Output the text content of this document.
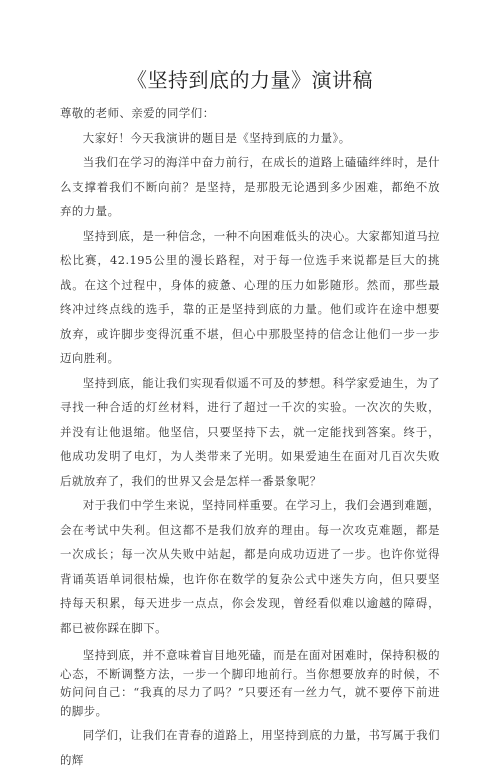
《坚持到底的力量》演讲稿

尊敬的老师、亲爱的同学们：

大家好！今天我演讲的题目是《坚持到底的力量》。

当我们在学习的海洋中奋力前行，在成长的道路上磕磕绊绊时，是什么支撑着我们不断向前？是坚持，是那股无论遇到多少困难，都绝不放弃的力量。

坚持到底，是一种信念，一种不向困难低头的决心。大家都知道马拉松比赛，42.195公里的漫长路程，对于每一位选手来说都是巨大的挑战。在这个过程中，身体的疲惫、心理的压力如影随形。然而，那些最终冲过终点线的选手，靠的正是坚持到底的力量。他们或许在途中想要放弃，或许脚步变得沉重不堪，但心中那股坚持的信念让他们一步一步迈向胜利。

坚持到底，能让我们实现看似遥不可及的梦想。科学家爱迪生，为了寻找一种合适的灯丝材料，进行了超过一千次的实验。一次次的失败，并没有让他退缩。他坚信，只要坚持下去，就一定能找到答案。终于，他成功发明了电灯，为人类带来了光明。如果爱迪生在面对几百次失败后就放弃了，我们的世界又会是怎样一番景象呢？

对于我们中学生来说，坚持同样重要。在学习上，我们会遇到难题，会在考试中失利。但这都不是我们放弃的理由。每一次攻克难题，都是一次成长；每一次从失败中站起，都是向成功迈进了一步。也许你觉得背诵英语单词很枯燥，也许你在数学的复杂公式中迷失方向，但只要坚持每天积累，每天进步一点点，你会发现，曾经看似难以逾越的障碍，都已被你踩在脚下。

坚持到底，并不意味着盲目地死磕，而是在面对困难时，保持积极的心态，不断调整方法，一步一个脚印地前行。当你想要放弃的时候，不妨问问自己：“我真的尽力了吗？”只要还有一丝力气，就不要停下前进的脚步。

同学们，让我们在青春的道路上，用坚持到底的力量，书写属于我们的辉
